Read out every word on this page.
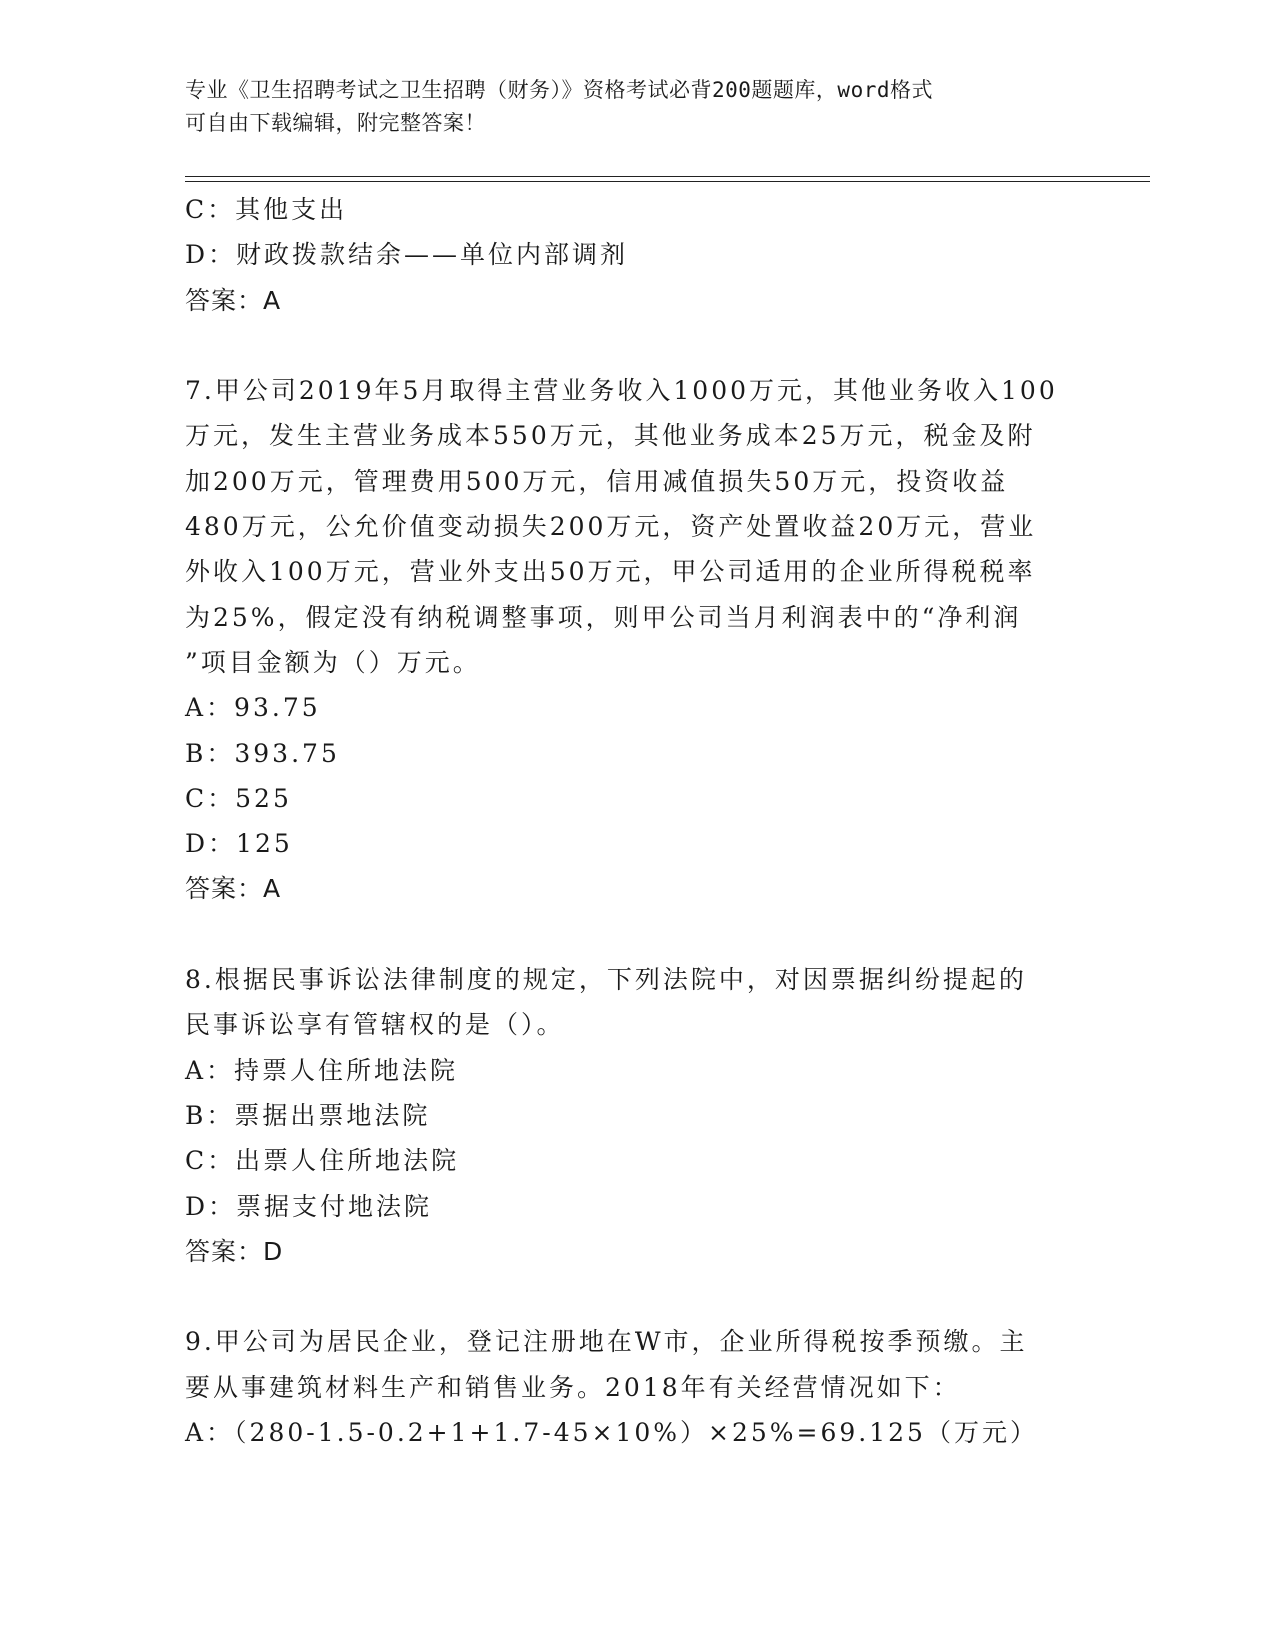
专业《卫生招聘考试之卫生招聘（财务）》资格考试必背200题题库，word格式
可自由下载编辑，附完整答案！
C：其他支出
D：财政拨款结余——单位内部调剂
答案：A
7.甲公司2019年5月取得主营业务收入1000万元，其他业务收入100
万元，发生主营业务成本550万元，其他业务成本25万元，税金及附
加200万元，管理费用500万元，信用减值损失50万元，投资收益
480万元，公允价值变动损失200万元，资产处置收益20万元，营业
外收入100万元，营业外支出50万元，甲公司适用的企业所得税税率
为25%，假定没有纳税调整事项，则甲公司当月利润表中的“净利润
”项目金额为（）万元。
A：93.75
B：393.75
C：525
D：125
答案：A
8.根据民事诉讼法律制度的规定，下列法院中，对因票据纠纷提起的
民事诉讼享有管辖权的是（）。
A：持票人住所地法院
B：票据出票地法院
C：出票人住所地法院
D：票据支付地法院
答案：D
9.甲公司为居民企业，登记注册地在W市，企业所得税按季预缴。主
要从事建筑材料生产和销售业务。2018年有关经营情况如下：
A：（280-1.5-0.2+1+1.7-45×10%）×25%=69.125（万元）
